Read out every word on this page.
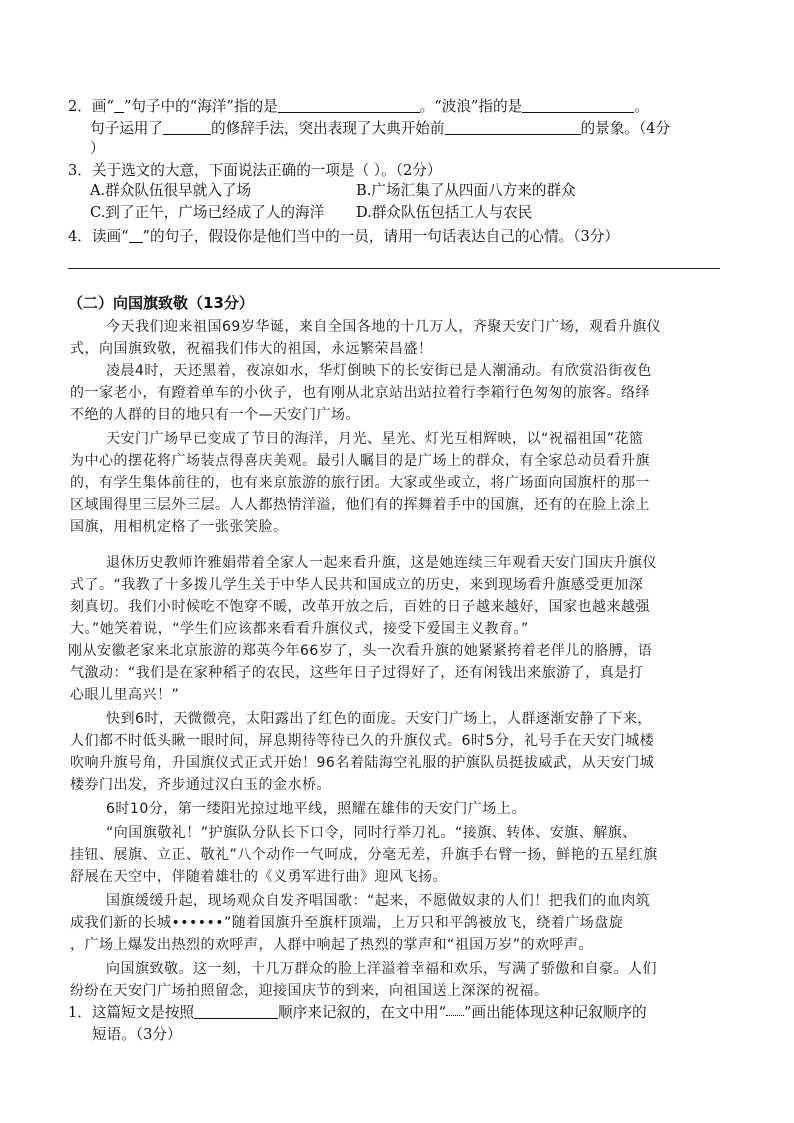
2．画“ ”句子中的“海洋”指的是	。“波浪”指的是	。
句子运用了	的修辞手法，突出表现了大典开始前	的景象。（4分
）
3．关于选文的大意，下面说法正确的一项是（ ）。（2分）
A.群众队伍很早就入了场	B.广场汇集了从四面八方来的群众
C.到了正午，广场已经成了人的海洋 D.群众队伍包括工人与农民
4．读画“ ”的句子，假设你是他们当中的一员，请用一句话表达自己的心情。（3分）
（二）向国旗致敬（13分）
今天我们迎来祖国69岁华诞，来自全国各地的十几万人，齐聚天安门广场，观看升旗仪
式，向国旗致敬，祝福我们伟大的祖国，永远繁荣昌盛！
凌晨4时，天还黑着，夜凉如水，华灯倒映下的长安街已是人潮涌动。有欣赏沿街夜色
的一家老小，有蹬着单车的小伙子，也有刚从北京站出站拉着行李箱行色匆匆的旅客。络绎
不绝的人群的目的地只有一个—天安门广场。
天安门广场早已变成了节日的海洋，月光、星光、灯光互相辉映，以“祝福祖国”花篮
为中心的摆花将广场装点得喜庆美观。最引人瞩目的是广场上的群众，有全家总动员看升旗
的，有学生集体前往的，也有来京旅游的旅行团。大家或坐或立，将广场面向国旗杆的那一
区域围得里三层外三层。人人都热情洋溢，他们有的挥舞着手中的国旗，还有的在脸上涂上
国旗，用相机定格了一张张笑脸。
退休历史教师许雅娟带着全家人一起来看升旗，这是她连续三年观看天安门国庆升旗仪
式了。“我教了十多拨儿学生关于中华人民共和国成立的历史，来到现场看升旗感受更加深
刻真切。我们小时候吃不饱穿不暖，改革开放之后，百姓的日子越来越好，国家也越来越强
大。”她笑着说，“学生们应该都来看看升旗仪式，接受下爱国主义教育。”
刚从安徽老家来北京旅游的郑英今年66岁了，头一次看升旗的她紧紧挎着老伴儿的胳膊，语
气激动：“我们是在家种稻子的农民，这些年日子过得好了，还有闲钱出来旅游了，真是打
心眼儿里高兴！”
快到6时，天微微亮，太阳露出了红色的面庞。天安门广场上，人群逐渐安静了下来，
人们都不时低头瞅一眼时间，屏息期待等待已久的升旗仪式。6时5分，礼号手在天安门城楼
吹响升旗号角，升国旗仪式正式开始！96名着陆海空礼服的护旗队员挺拔威武，从天安门城
楼券门出发，齐步通过汉白玉的金水桥。
6时10分，第一缕阳光掠过地平线，照耀在雄伟的天安门广场上。
“向国旗敬礼！”护旗队分队长下口令，同时行举刀礼。“接旗、转体、安旗、解旗、
挂钮、展旗、立正、敬礼”八个动作一气呵成，分毫无差，升旗手右臂一扬，鲜艳的五星红旗
舒展在天空中，伴随着雄壮的《义勇军进行曲》迎风飞扬。
国旗缓缓升起，现场观众自发齐唱国歌：“起来，不愿做奴隶的人们！把我们的血肉筑
成我们新的长城••••••”随着国旗升至旗杆顶端，上万只和平鸽被放飞，绕着广场盘旋
，广场上爆发出热烈的欢呼声，人群中响起了热烈的掌声和“祖国万岁”的欢呼声。
向国旗致敬。这一刻，十几万群众的脸上洋溢着幸福和欢乐，写满了骄傲和自豪。人们
纷纷在天安门广场拍照留念，迎接国庆节的到来，向祖国送上深深的祝福。
1．这篇短文是按照	顺序来记叙的，在文中用“ ”画出能体现这种记叙顺序的
短语。（3分）
